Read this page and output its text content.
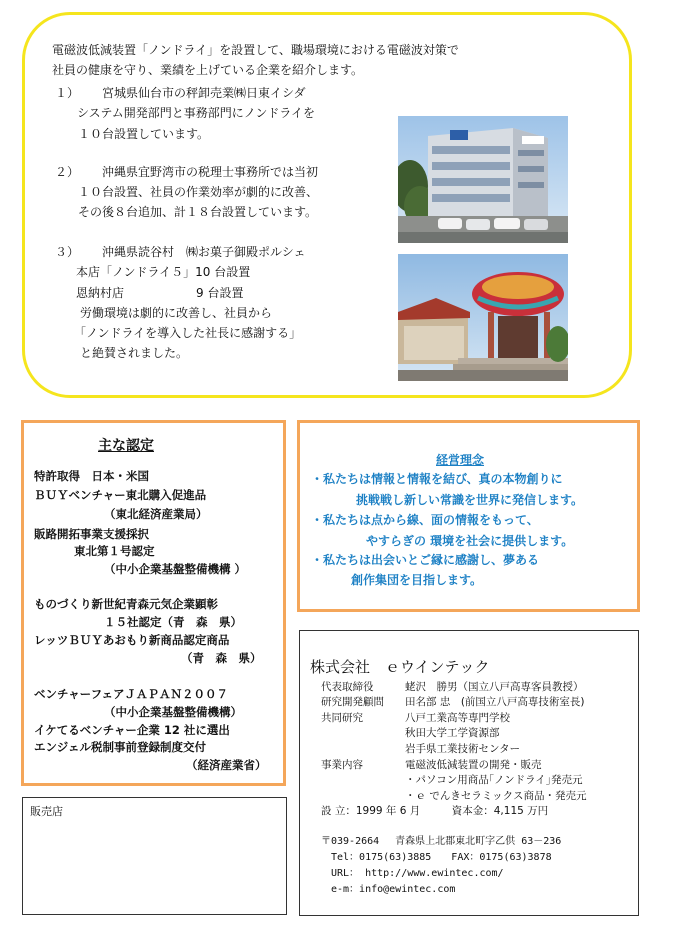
電磁波低減装置「ノンドライ」を設置して、職場環境における電磁波対策で
社員の健康を守り、業績を上げている企業を紹介します。
１） 宮城県仙台市の秤卸売業㈱日東イシダ
システム開発部門と事務部門にノンドライを
１０台設置しています。
２） 沖縄県宜野湾市の税理士事務所では当初
１０台設置、社員の作業効率が劇的に改善、
その後８台追加、計１８台設置しています。
３） 沖縄県読谷村　㈱お菓子御殿ポルシェ
本店「ノンドライ５」10 台設置
恩納村店　　　　　　9 台設置
労働環境は劇的に改善し、社員から
「ノンドライを導入した社長に感謝する」
と絶賛されました。
主な認定
特許取得　日本・米国
ＢＵＹベンチャー東北購入促進品
（東北経済産業局）
販路開拓事業支援採択
東北第１号認定
（中小企業基盤整備機構 ）
ものづくり新世紀青森元気企業顕彰
１５社認定（青　森　県）
レッツＢＵＹあおもり新商品認定商品
（青　森　県）
ベンチャーフェアＪＡＰＡＮ２００７
（中小企業基盤整備機構）
イケてるベンチャー企業 12 社に選出
エンジェル税制事前登録制度交付
（経済産業省）
経営理念
・私たちは情報と情報を結び、真の本物創りに
挑戦戦し新しい常識を世界に発信します。
・私たちは点から線、面の情報をもって、
やすらぎの 環境を社会に提供します。
・私たちは出会いとご縁に感謝し、夢ある
創作集団を目指します。
株式会社　ｅウインテック
代表取締役	蛯沢　勝男（国立八戸高専客員教授）
研究開発顧問 田名部 忠　(前国立八戸高専技術室長)
共同研究	八戸工業高等専門学校
秋田大学工学資源部
岩手県工業技術センター
事業内容	電磁波低減装置の開発・販売
・パソコン用商品｢ノンドライ｣発売元
・ｅ でんきセラミックス商品・発売元
設 立：1999 年 6 月　　　資本金：4,115 万円
〒039-2664　 青森県上北郡東北町字乙供 63－236
Tel：0175(63)3885　　FAX：0175(63)3878
URL： http://www.ewintec.com/
e-m：info@ewintec.com
販売店
